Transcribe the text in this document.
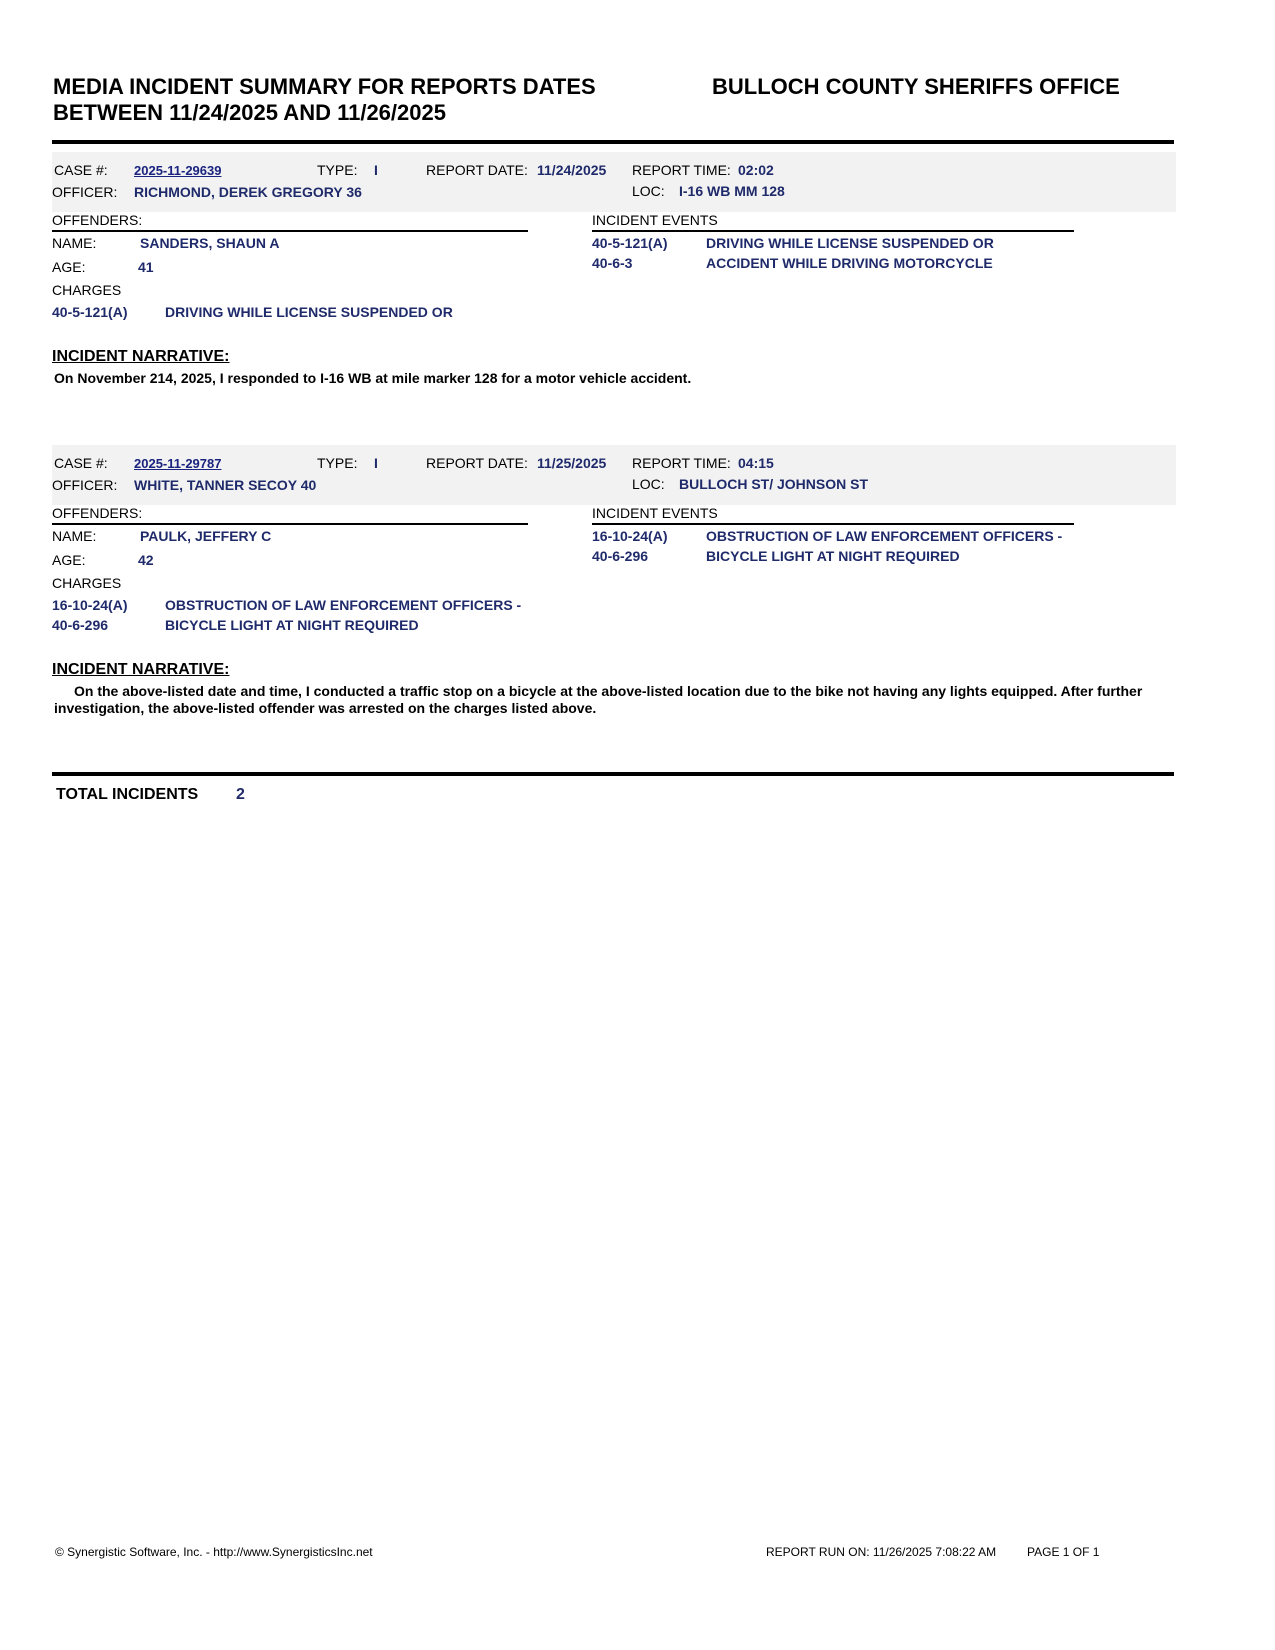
MEDIA INCIDENT SUMMARY FOR REPORTS DATES
BETWEEN 11/24/2025 AND 11/26/2025
BULLOCH COUNTY SHERIFFS OFFICE
CASE #: 2025-11-29639	TYPE: I	REPORT DATE: 11/24/2025 REPORT TIME: 02:02
OFFICER: RICHMOND, DEREK GREGORY 36	LOC: I-16 WB MM 128
OFFENDERS:	INCIDENT EVENTS
NAME:	SANDERS, SHAUN A
AGE:	41
CHARGES
40-5-121(A)	DRIVING WHILE LICENSE SUSPENDED OR
40-5-121(A)	DRIVING WHILE LICENSE SUSPENDED OR
40-6-3	ACCIDENT WHILE DRIVING MOTORCYCLE
INCIDENT NARRATIVE:
On November 214, 2025, I responded to I-16 WB at mile marker 128 for a motor vehicle accident.
CASE #: 2025-11-29787	TYPE: I	REPORT DATE: 11/25/2025 REPORT TIME: 04:15
OFFICER: WHITE, TANNER SECOY 40	LOC: BULLOCH ST/ JOHNSON ST
OFFENDERS:	INCIDENT EVENTS
NAME:	PAULK, JEFFERY C
AGE:	42
CHARGES
16-10-24(A)	OBSTRUCTION OF LAW ENFORCEMENT OFFICERS -
40-6-296	BICYCLE LIGHT AT NIGHT REQUIRED
16-10-24(A)	OBSTRUCTION OF LAW ENFORCEMENT OFFICERS -
40-6-296	BICYCLE LIGHT AT NIGHT REQUIRED
INCIDENT NARRATIVE:
On the above-listed date and time, I conducted a traffic stop on a bicycle at the above-listed location due to the bike not having any lights equipped. After further investigation, the above-listed offender was arrested on the charges listed above.
TOTAL INCIDENTS 2
© Synergistic Software, Inc. - http://www.SynergisticsInc.net	REPORT RUN ON: 11/26/2025 7:08:22 AM	PAGE 1 OF 1
